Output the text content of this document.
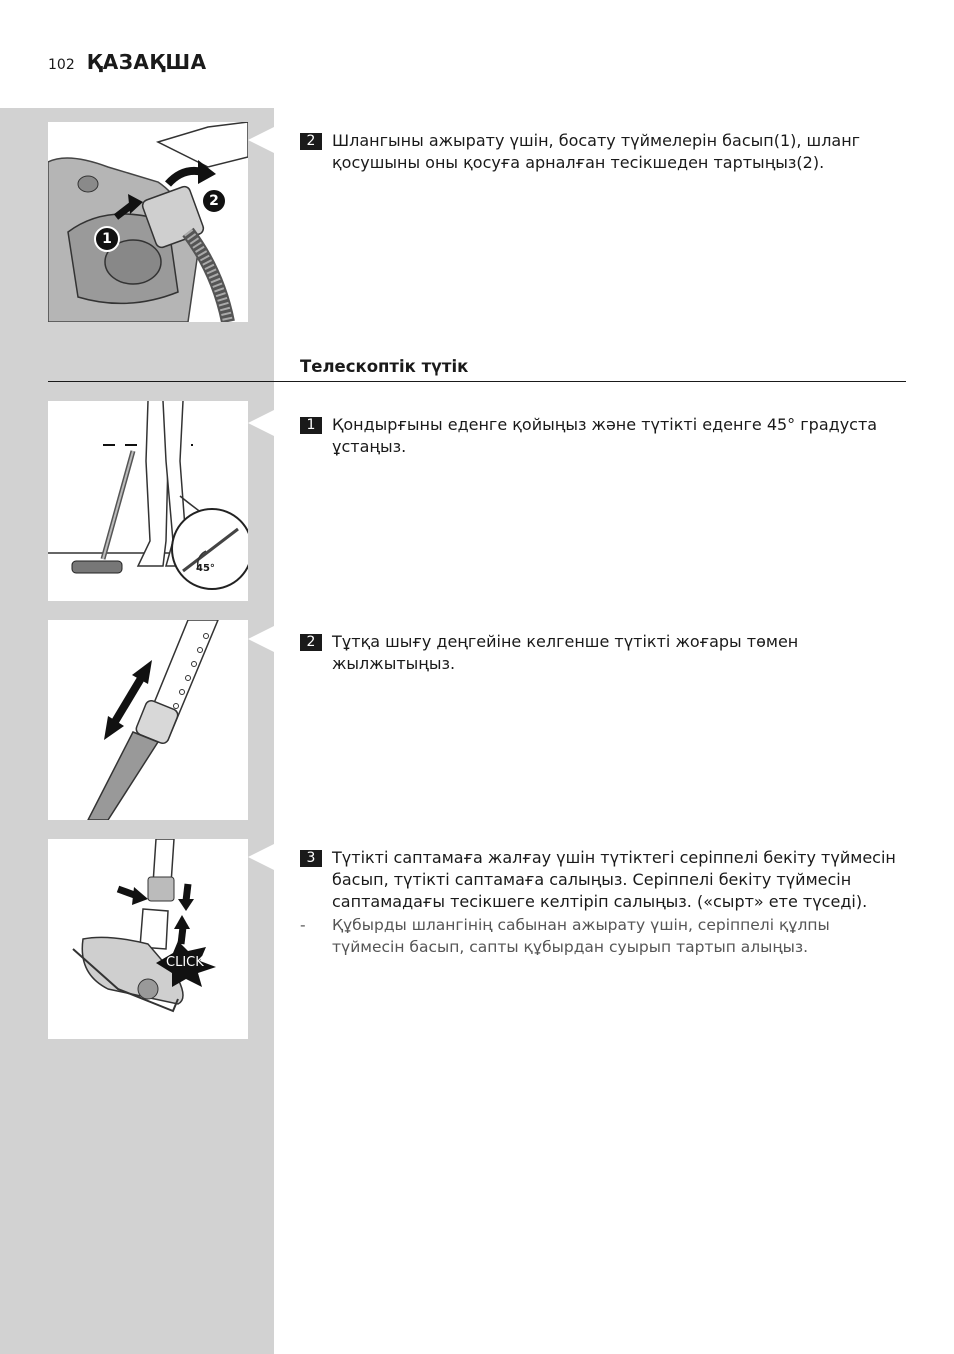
102 ҚАЗАҚША
1
2
2	Шлангыны ажырату үшін, босату түймелерін басып(1), шланг қосушыны оны қосуға арналған тесікшеден тартыңыз(2).
Телескоптік түтік
45°
1	Қондырғыны еденге қойыңыз және түтікті еденге 45° градуста ұстаңыз.
2	Тұтқа шығу деңгейіне келгенше түтікті жоғары төмен жылжытыңыз.
CLICK
3	Түтікті саптамаға жалғау үшін түтіктегі серіппелі бекіту түймесін басып, түтікті саптамаға салыңыз. Серіппелі бекіту түймесін саптамадағы тесікшеге келтіріп салыңыз. («сырт» ете түседі).
- Құбырды шлангінің сабынан ажырату үшін, серіппелі құлпы түймесін басып, сапты құбырдан суырып тартып алыңыз.
